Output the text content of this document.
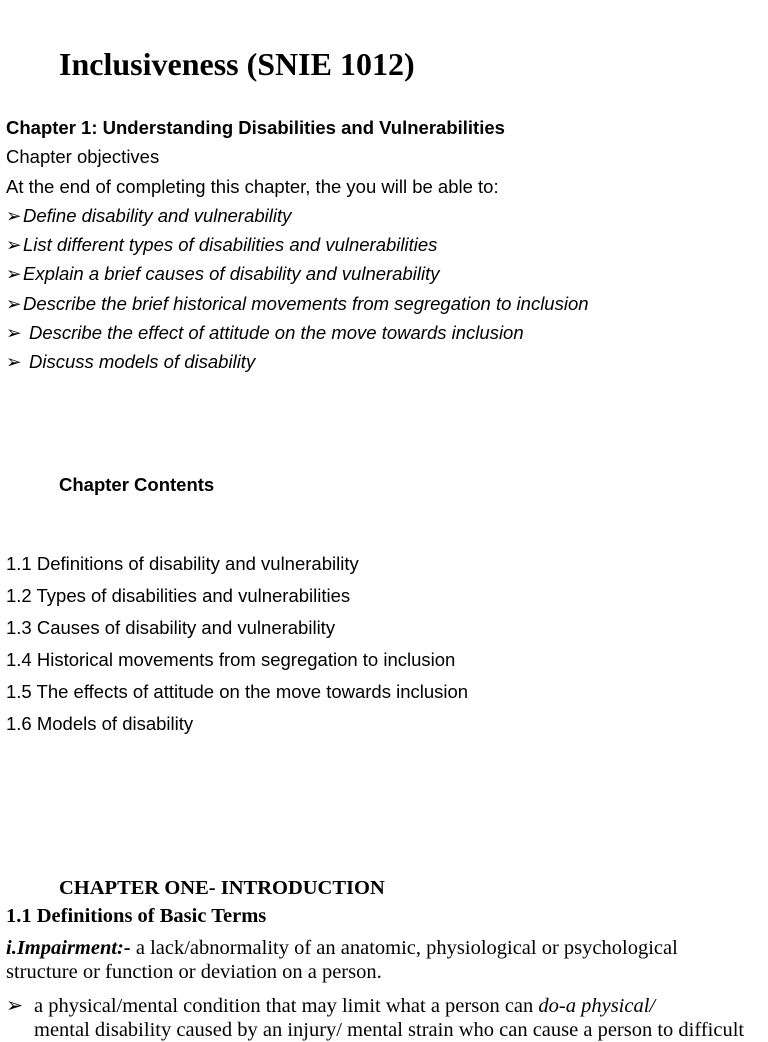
Inclusiveness (SNIE 1012)
Chapter 1: Understanding Disabilities and Vulnerabilities
Chapter objectives
At the end of completing this chapter, the you will be able to:
➢Define disability and vulnerability
➢List different types of disabilities and vulnerabilities
➢Explain a brief causes of disability and vulnerability
➢Describe the brief historical movements from segregation to inclusion
➢ Describe the effect of attitude on the move towards inclusion
➢ Discuss models of disability
Chapter Contents
1.1 Definitions of disability and vulnerability
1.2 Types of disabilities and vulnerabilities
1.3 Causes of disability and vulnerability
1.4 Historical movements from segregation to inclusion
1.5 The effects of attitude on the move towards inclusion
1.6 Models of disability
CHAPTER ONE- INTRODUCTION
1.1 Definitions of Basic Terms
i.Impairment:- a lack/abnormality of an anatomic, physiological or psychological structure or function or deviation on a person.
➢ a physical/mental condition that may limit what a person can do-a physical/
mental disability caused by an injury/ mental strain who can cause a person to difficult
